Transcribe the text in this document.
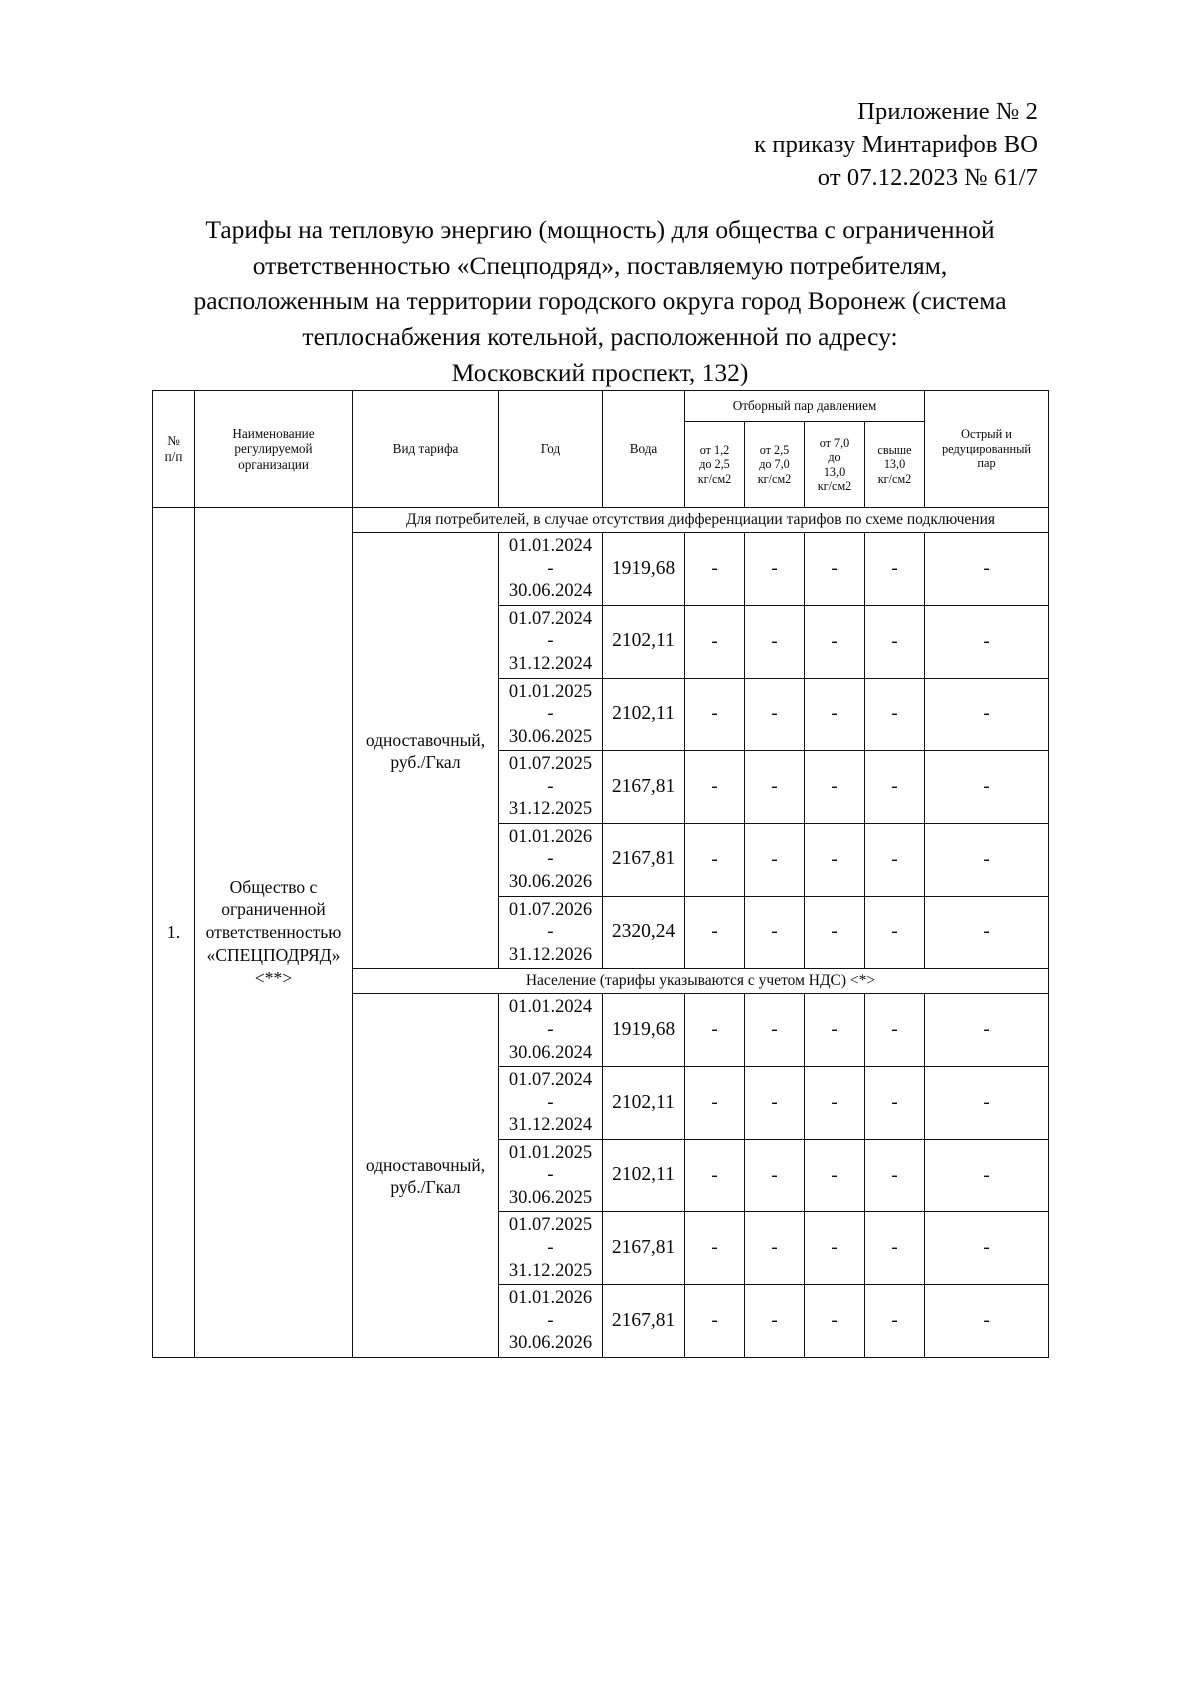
Приложение № 2
к приказу Минтарифов ВО
от 07.12.2023 № 61/7
Тарифы на тепловую энергию (мощность) для общества с ограниченной
ответственностью «Спецподряд», поставляемую потребителям,
расположенным на территории городского округа город Воронеж (система
теплоснабжения котельной, расположенной по адресу:
Московский проспект, 132)
№
п/п	Наименование
регулируемой
организации	Вид тарифа	Год	Вода	Отборный пар давлением				Острый и
редуцированный
пар
					от 1,2
до 2,5
кг/см2	от 2,5
до 7,0
кг/см2	от 7,0
до
13,0
кг/см2	свыше
13,0
кг/см2	
1.	Общество с
ограниченной
ответственностью
«СПЕЦПОДРЯД»
<**>	Для потребителей, в случае отсутствия дифференциации тарифов по схеме подключения							
		одноставочный,
руб./Гкал	01.01.2024
-
30.06.2024	1919,68	-	-	-	-	-
			01.07.2024
-
31.12.2024	2102,11	-	-	-	-	-
			01.01.2025
-
30.06.2025	2102,11	-	-	-	-	-
			01.07.2025
-
31.12.2025	2167,81	-	-	-	-	-
			01.01.2026
-
30.06.2026	2167,81	-	-	-	-	-
			01.07.2026
-
31.12.2026	2320,24	-	-	-	-	-
		Население (тарифы указываются с учетом НДС) <*>							
		одноставочный,
руб./Гкал	01.01.2024
-
30.06.2024	1919,68	-	-	-	-	-
			01.07.2024
-
31.12.2024	2102,11	-	-	-	-	-
			01.01.2025
-
30.06.2025	2102,11	-	-	-	-	-
			01.07.2025
-
31.12.2025	2167,81	-	-	-	-	-
			01.01.2026
-
30.06.2026	2167,81	-	-	-	-	-
